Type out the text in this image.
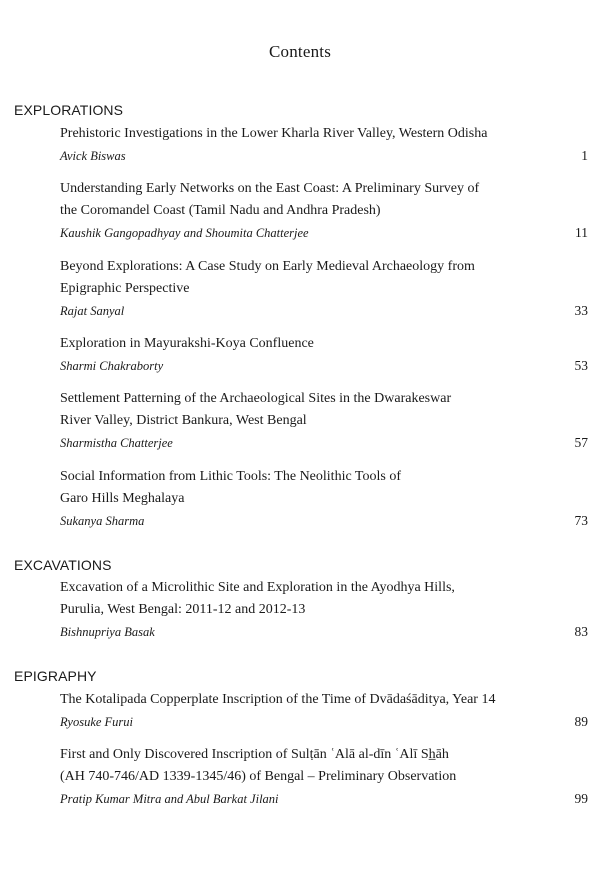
Contents
EXPLORATIONS
Prehistoric Investigations in the Lower Kharla River Valley, Western Odisha
Avick Biswas	1
Understanding Early Networks on the East Coast: A Preliminary Survey of
the Coromandel Coast (Tamil Nadu and Andhra Pradesh)
Kaushik Gangopadhyay and Shoumita Chatterjee	11
Beyond Explorations: A Case Study on Early Medieval Archaeology from
Epigraphic Perspective
Rajat Sanyal	33
Exploration in Mayurakshi-Koya Confluence
Sharmi Chakraborty	53
Settlement Patterning of the Archaeological Sites in the Dwarakeswar
River Valley, District Bankura, West Bengal
Sharmistha Chatterjee	57
Social Information from Lithic Tools: The Neolithic Tools of
Garo Hills Meghalaya
Sukanya Sharma	73
EXCAVATIONS
Excavation of a Microlithic Site and Exploration in the Ayodhya Hills,
Purulia, West Bengal: 2011-12 and 2012-13
Bishnupriya Basak	83
EPIGRAPHY
The Kotalipada Copperplate Inscription of the Time of Dvādaśāditya, Year 14
Ryosuke Furui	89
First and Only Discovered Inscription of Sulṭān ʿAlā al-dīn ʿAlī Sh̲āh
(AH 740-746/AD 1339-1345/46) of Bengal – Preliminary Observation
Pratip Kumar Mitra and Abul Barkat Jilani	99
